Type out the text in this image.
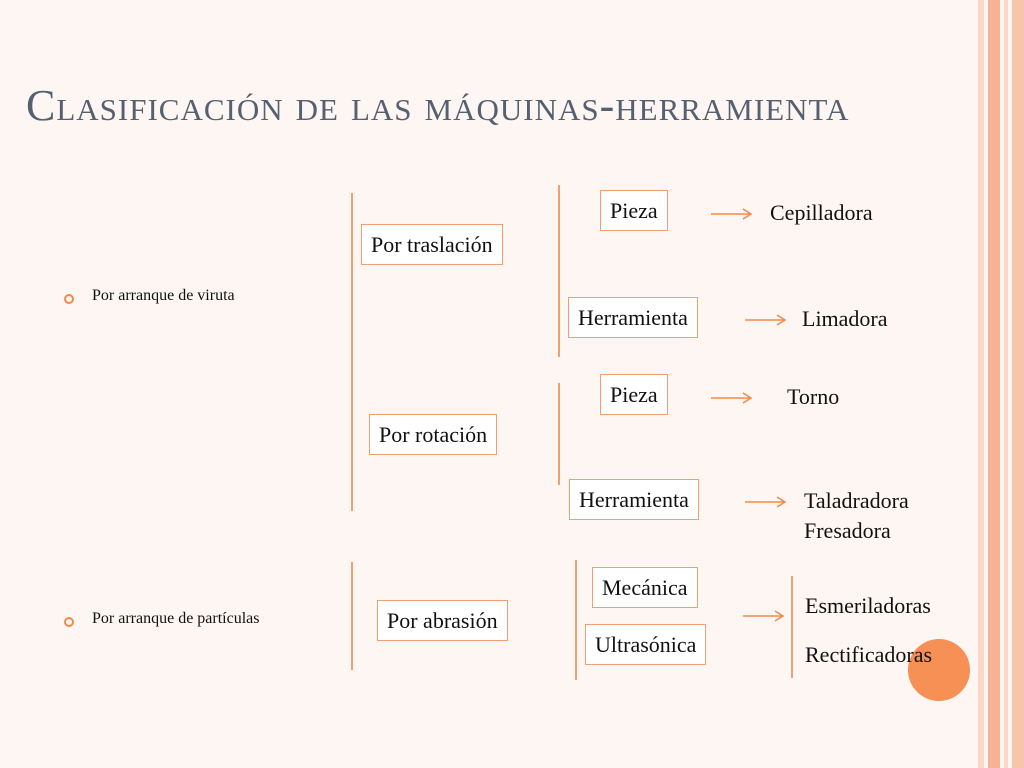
Clasificación de las máquinas-herramienta
Por arranque de viruta
Por arranque de partículas
Por traslación
Por rotación
Por abrasión
Pieza
Herramienta
Pieza
Herramienta
Mecánica
Ultrasónica
Cepilladora
Limadora
Torno
Taladradora
Fresadora
Esmeriladoras
Rectificadoras
